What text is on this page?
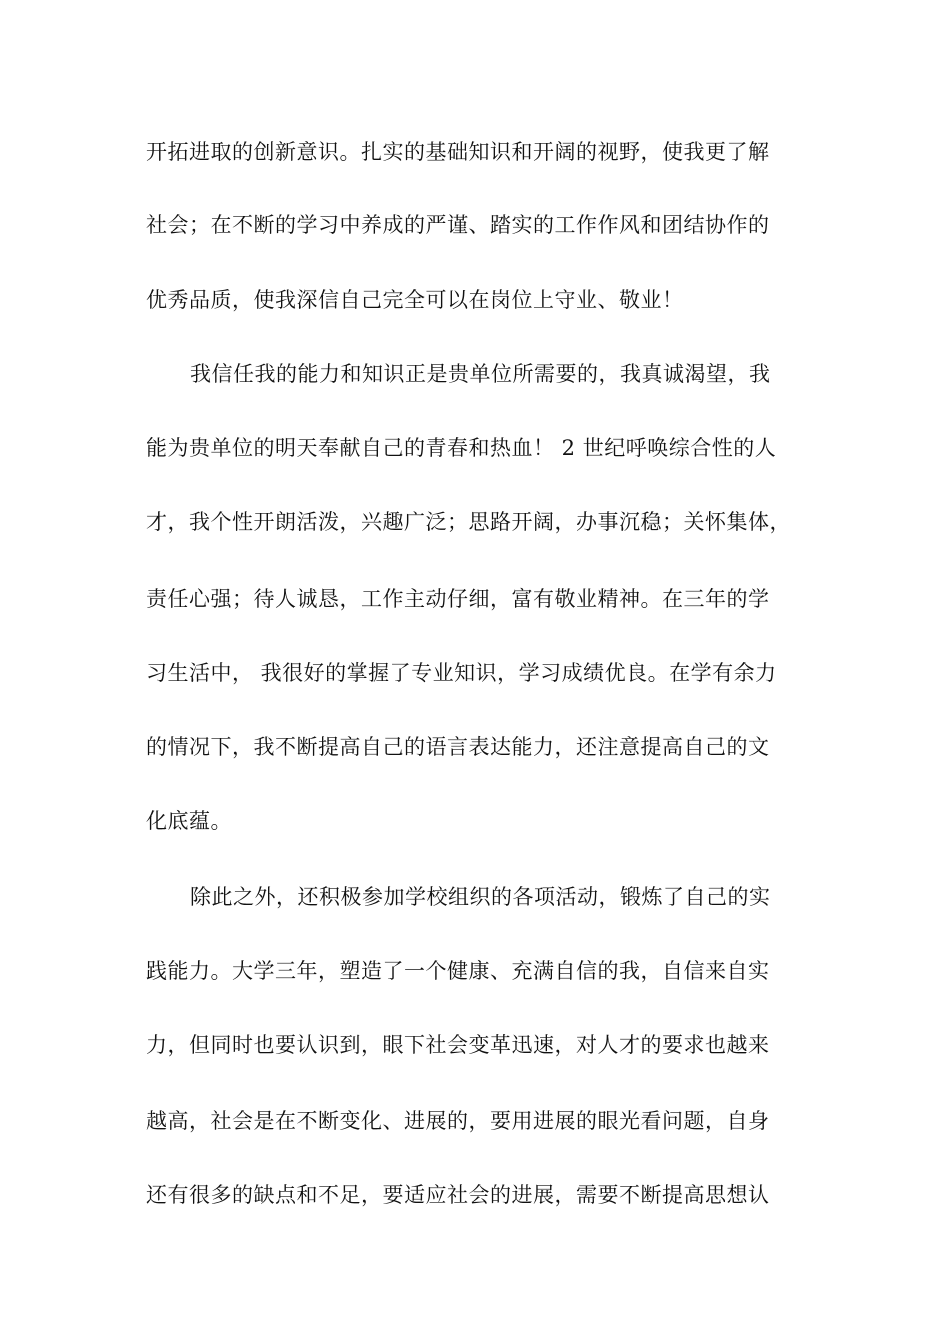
开拓进取的创新意识。扎实的基础知识和开阔的视野，使我更了解
社会；在不断的学习中养成的严谨、踏实的工作作风和团结协作的
优秀品质，使我深信自己完全可以在岗位上守业、敬业！
我信任我的能力和知识正是贵单位所需要的，我真诚渴望，我
能为贵单位的明天奉献自己的青春和热血！ 2 世纪呼唤综合性的人
才，我个性开朗活泼，兴趣广泛；思路开阔，办事沉稳；关怀集体，
责任心强；待人诚恳，工作主动仔细，富有敬业精神。在三年的学
习生活中， 我很好的掌握了专业知识，学习成绩优良。在学有余力
的情况下，我不断提高自己的语言表达能力，还注意提高自己的文
化底蕴。
除此之外，还积极参加学校组织的各项活动，锻炼了自己的实
践能力。大学三年，塑造了一个健康、充满自信的我，自信来自实
力，但同时也要认识到，眼下社会变革迅速，对人才的要求也越来
越高，社会是在不断变化、进展的，要用进展的眼光看问题，自身
还有很多的缺点和不足，要适应社会的进展，需要不断提高思想认
